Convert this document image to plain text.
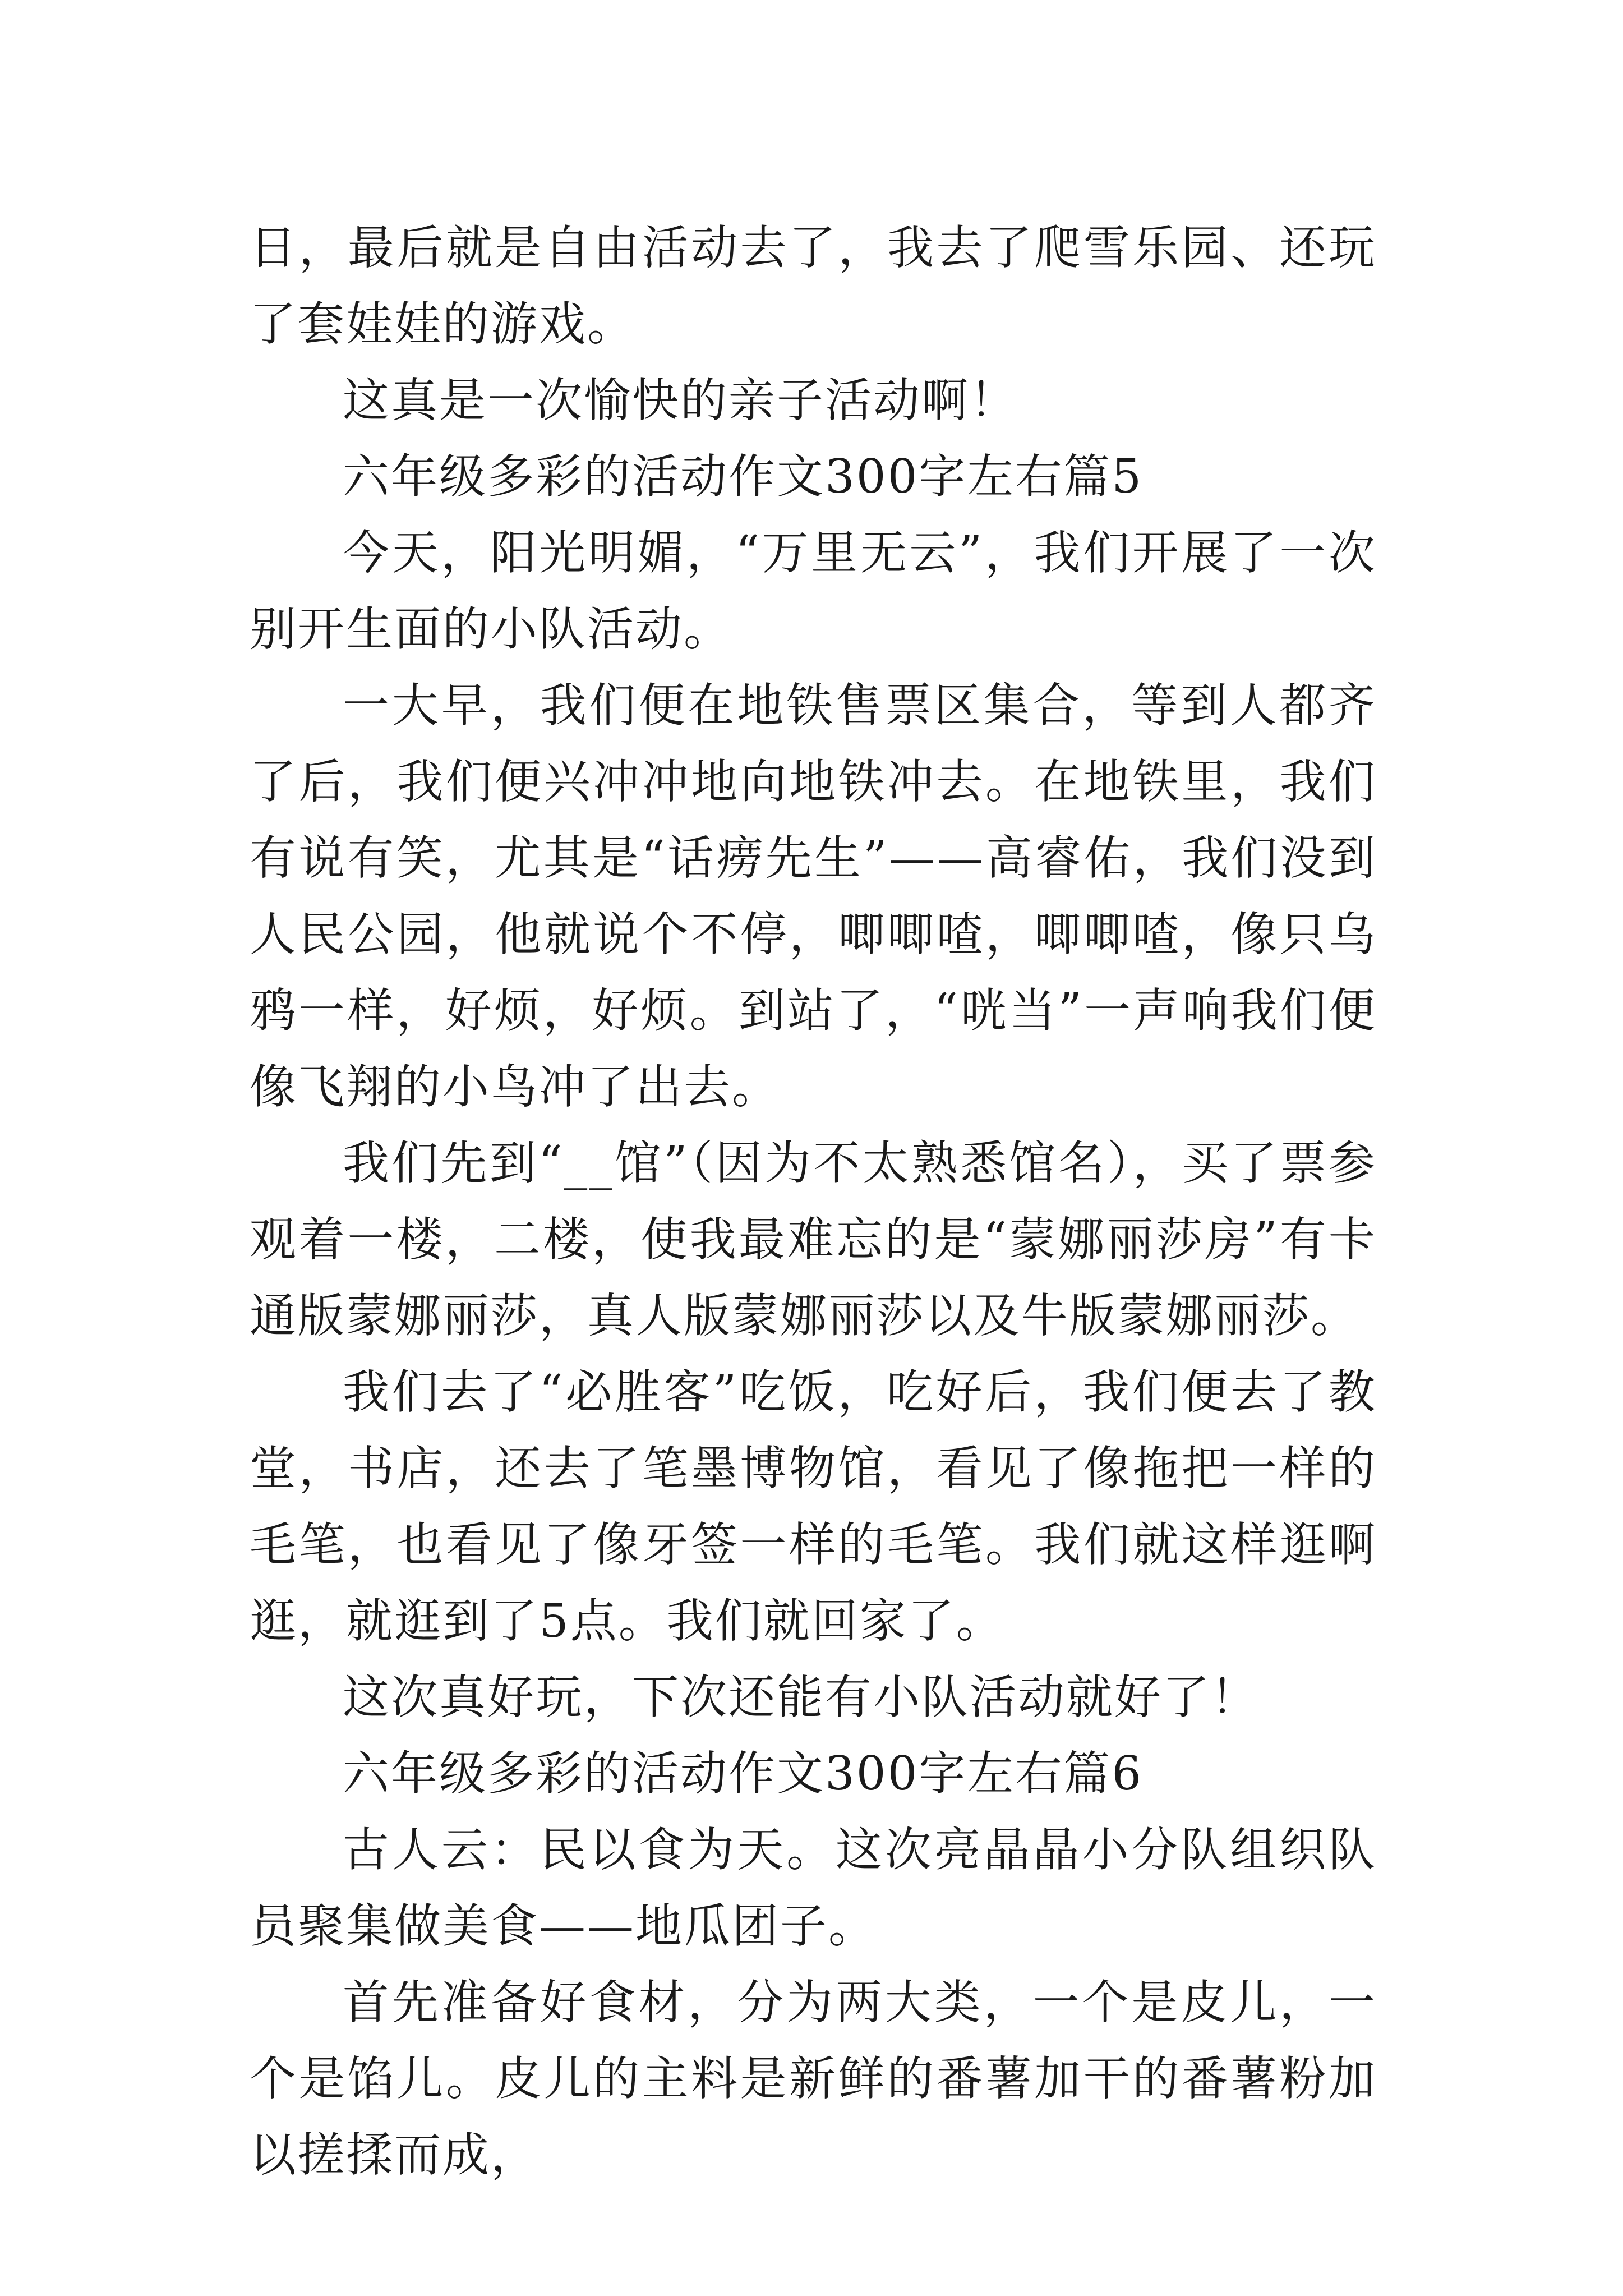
日，最后就是自由活动去了，我去了爬雪乐园、还玩了套娃娃的游戏。

这真是一次愉快的亲子活动啊！

六年级多彩的活动作文300字左右篇5

今天，阳光明媚，“万里无云”，我们开展了一次别开生面的小队活动。

一大早，我们便在地铁售票区集合，等到人都齐了后，我们便兴冲冲地向地铁冲去。在地铁里，我们有说有笑，尤其是“话痨先生”——高睿佑，我们没到人民公园，他就说个不停，唧唧喳，唧唧喳，像只乌鸦一样，好烦，好烦。到站了，“咣当”一声响我们便像飞翔的小鸟冲了出去。

我们先到“__馆”（因为不太熟悉馆名），买了票参观着一楼，二楼，使我最难忘的是“蒙娜丽莎房”有卡通版蒙娜丽莎，真人版蒙娜丽莎以及牛版蒙娜丽莎。

我们去了“必胜客”吃饭，吃好后，我们便去了教堂，书店，还去了笔墨博物馆，看见了像拖把一样的毛笔，也看见了像牙签一样的毛笔。我们就这样逛啊逛，就逛到了5点。我们就回家了。

这次真好玩，下次还能有小队活动就好了！

六年级多彩的活动作文300字左右篇6

古人云：民以食为天。这次亮晶晶小分队组织队员聚集做美食——地瓜团子。

首先准备好食材，分为两大类，一个是皮儿，一个是馅儿。皮儿的主料是新鲜的番薯加干的番薯粉加以搓揉而成，
